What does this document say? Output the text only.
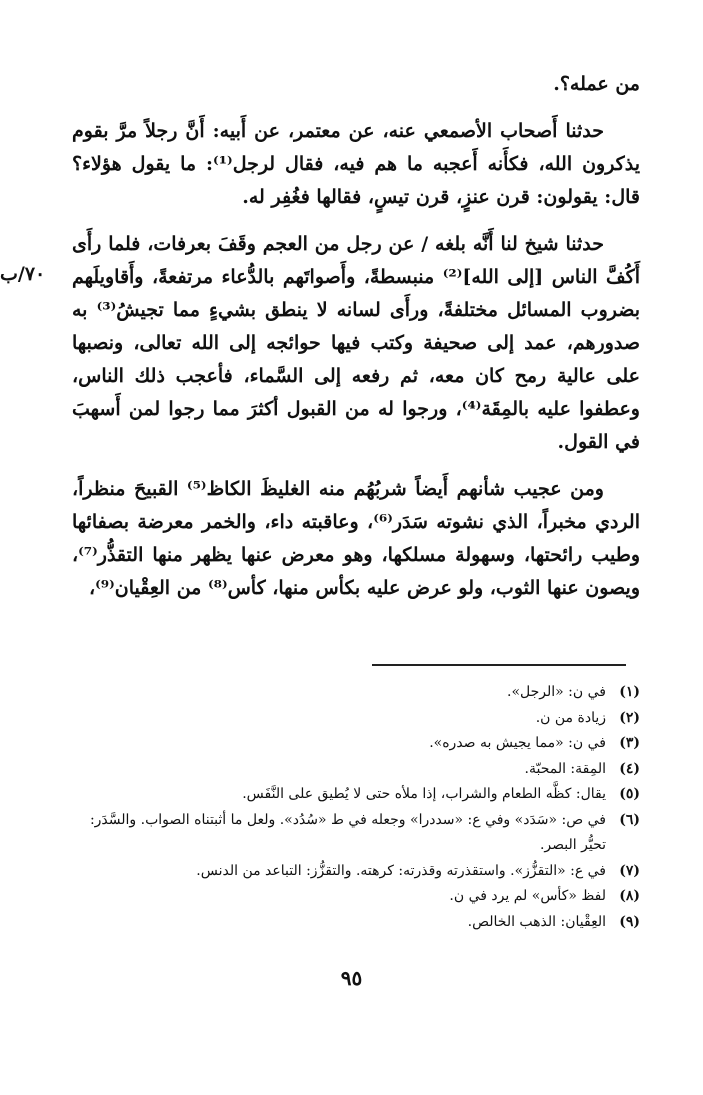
من عمله؟.

حدثنا أَصحاب الأصمعي عنه، عن معتمر، عن أَبيه: أَنَّ رجلاً مرَّ بقوم يذكرون الله، فكأَنه أَعجبه ما هم فيه، فقال لرجل⁽¹⁾: ما يقول هؤلاء؟ قال: يقولون: قرن عنزٍ، قرن تيسٍ، فقالها فغُفِر له.

حدثنا شيخ لنا أَنَّه بلغه / عن رجل من العجم وقَفَ بعرفات، فلما رأَى أَكُفَّ الناس [إلى الله]⁽²⁾ منبسطةً، وأَصواتَهم بالدُّعاء مرتفعةً، وأَقاويلَهم بضروب المسائل مختلفةً، ورأَى لسانه لا ينطق بشيءٍ مما تجيشُ⁽³⁾ به صدورهم، عمد إلى صحيفة وكتب فيها حوائجه إلى الله تعالى، ونصبها على عالية رمح كان معه، ثم رفعه إلى السَّماء، فأعجب ذلك الناس، وعطفوا عليه بالمِقَة⁽⁴⁾، ورجوا له من القبول أكثرَ مما رجوا لمن أَسهبَ في القول.

ومن عجيب شأنهم أَيضاً شربُهُم منه الغليظَ الكاظ⁽⁵⁾ القبيحَ منظراً، الردي مخبراً، الذي نشوته سَدَر⁽⁶⁾، وعاقبته داء، والخمر معرضة بصفائها وطيب رائحتها، وسهولة مسلكها، وهو معرض عنها يظهر منها التقذُّر⁽⁷⁾، ويصون عنها الثوب، ولو عرض عليه بكأس منها، كأس⁽⁸⁾ من العِقْيان⁽⁹⁾،

٧٠/ب
(١)
في ن: «الرجل».
(٢)
زيادة من ن.
(٣)
في ن: «مما يجيش به صدره».
(٤)
المِقة: المحبّة.
(٥)
يقال: كظَّه الطعام والشراب، إذا ملأه حتى لا يُطيق على النَّفَس.
(٦)
في ص: «سَدَد» وفي ع: «سددرا» وجعله في ط «سُدُد». ولعل ما أثبتناه الصواب. والسَّدَر: تحيُّر البصر.
(٧)
في ع: «التقزُّز». واستقذرته وقذرته: كرهته. والتقزُّز: التباعد من الدنس.
(٨)
لفظ «كأس» لم يرد في ن.
(٩)
العِقْيان: الذهب الخالص.
٩٥
